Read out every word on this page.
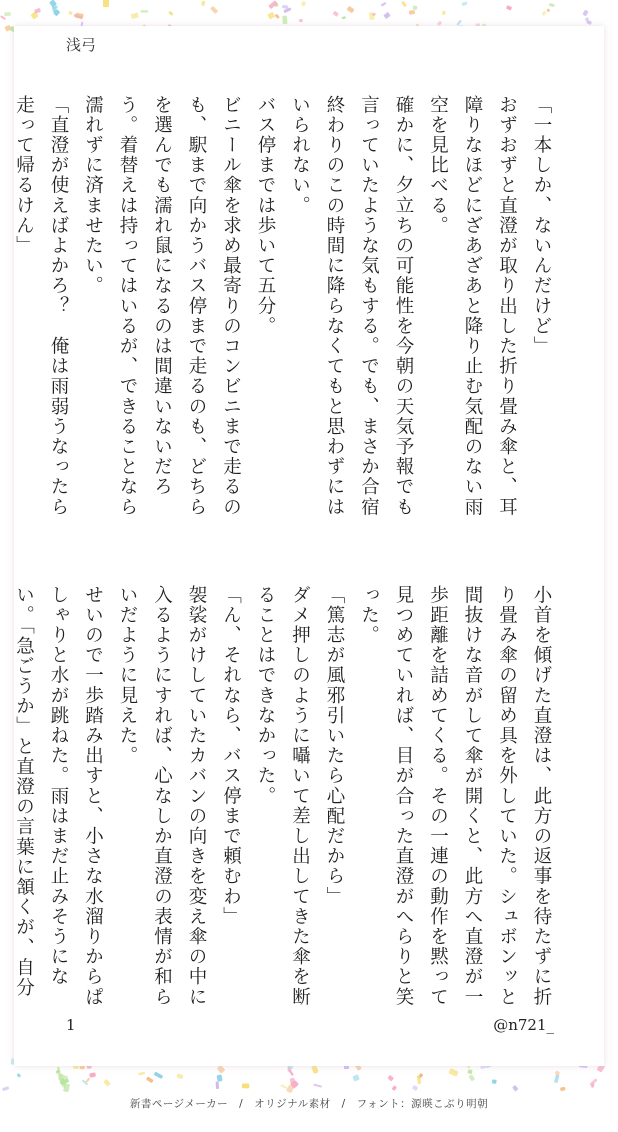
浅弓

「一本しか、ないんだけど」

おずおずと直澄が取り出した折り畳み傘と、耳障りなほどにざあざあと降り止む気配のない雨空を見比べる。

確かに、夕立ちの可能性を今朝の天気予報でも言っていたような気もする。でも、まさか合宿終わりのこの時間に降らなくてもと思わずにはいられない。

バス停までは歩いて五分。

ビニール傘を求め最寄りのコンビニまで走るのも、駅まで向かうバス停まで走るのも、どちらを選んでも濡れ鼠になるのは間違いないだろう。着替えは持ってはいるが、できることなら濡れずに済ませたい。

「直澄が使えばよかろ？　俺は雨弱うなったら走って帰るけん」

小首を傾げた直澄は、此方の返事を待たずに折り畳み傘の留め具を外していた。シュボンッと間抜けな音がして傘が開くと、此方へ直澄が一歩距離を詰めてくる。その一連の動作を黙って見つめていれば、目が合った直澄がへらりと笑った。

「篤志が風邪引いたら心配だから」

ダメ押しのように囁いて差し出してきた傘を断ることはできなかった。

「ん、それなら、バス停まで頼むわ」

袈裟がけしていたカバンの向きを変え傘の中に入るようにすれば、心なしか直澄の表情が和らいだように見えた。

せいので一歩踏み出すと、小さな水溜りからぱしゃりと水が跳ねた。雨はまだ止みそうにない。「急ごうか」と直澄の言葉に頷くが、自分

1	@n721_
新書ページメーカー　/　オリジナル素材　/　フォント：源暎こぶり明朝
